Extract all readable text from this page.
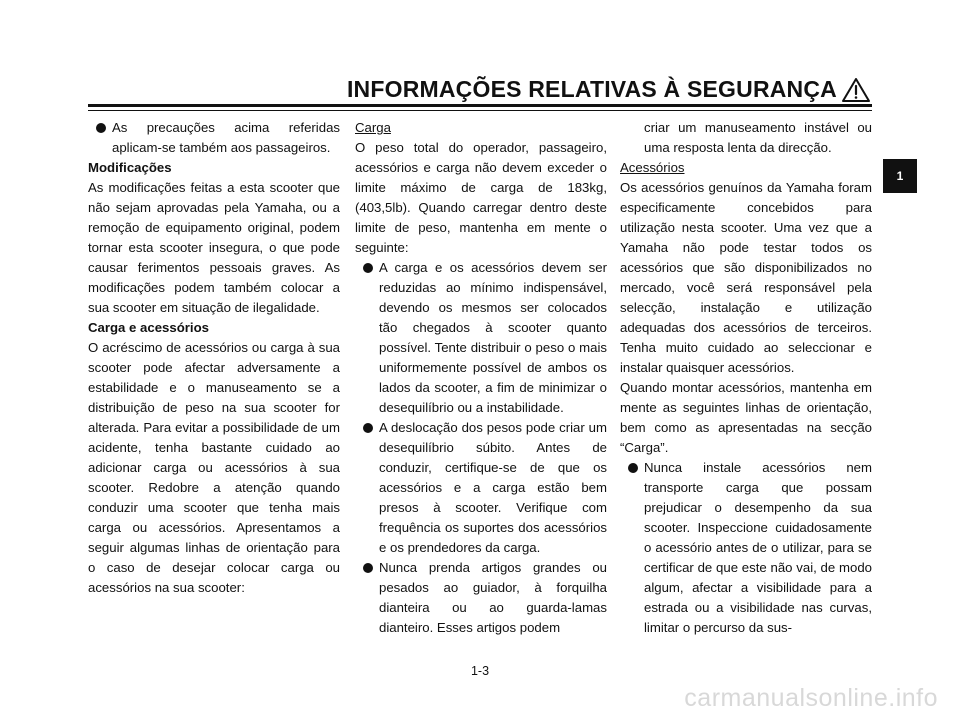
INFORMAÇÕES RELATIVAS À SEGURANÇA
As precauções acima referidas aplicam-se também aos passageiros.
Modificações

As modificações feitas a esta scooter que não sejam aprovadas pela Yamaha, ou a remoção de equipamento original, podem tornar esta scooter insegura, o que pode causar ferimentos pessoais graves. As modificações podem também colocar a sua scooter em situação de ilegalidade.

Carga e acessórios

O acréscimo de acessórios ou carga à sua scooter pode afectar adversamente a estabilidade e o manuseamento se a distribuição de peso na sua scooter for alterada. Para evitar a possibilidade de um acidente, tenha bastante cuidado ao adicionar carga ou acessórios à sua scooter. Redobre a atenção quando conduzir uma scooter que tenha mais carga ou acessórios. Apresentamos a seguir algumas linhas de orientação para o caso de desejar colocar carga ou acessórios na sua scooter:

Carga

O peso total do operador, passageiro, acessórios e carga não devem exceder o limite máximo de carga de 183kg, (403,5lb). Quando carregar dentro deste limite de peso, mantenha em mente o seguinte:

A carga e os acessórios devem ser reduzidas ao mínimo indispensável, devendo os mesmos ser colocados tão chegados à scooter quanto possível. Tente distribuir o peso o mais uniformemente possível de ambos os lados da scooter, a fim de minimizar o desequilíbrio ou a instabilidade.
A deslocação dos pesos pode criar um desequilíbrio súbito. Antes de conduzir, certifique-se de que os acessórios e a carga estão bem presos à scooter. Verifique com frequência os suportes dos acessórios e os prendedores da carga.
Nunca prenda artigos grandes ou pesados ao guiador, à forquilha dianteira ou ao guarda-lamas dianteiro. Esses artigos podem

criar um manuseamento instável ou uma resposta lenta da direcção.

Acessórios

Os acessórios genuínos da Yamaha foram especificamente concebidos para utilização nesta scooter. Uma vez que a Yamaha não pode testar todos os acessórios que são disponibilizados no mercado, você será responsável pela selecção, instalação e utilização adequadas dos acessórios de terceiros. Tenha muito cuidado ao seleccionar e instalar quaisquer acessórios.

Quando montar acessórios, mantenha em mente as seguintes linhas de orientação, bem como as apresentadas na secção “Carga”.

Nunca instale acessórios nem transporte carga que possam prejudicar o desempenho da sua scooter. Inspeccione cuidadosamente o acessório antes de o utilizar, para se certificar de que este não vai, de modo algum, afectar a visibilidade para a estrada ou a visibilidade nas curvas, limitar o percurso da sus-
1
1-3
carmanualsonline.info
